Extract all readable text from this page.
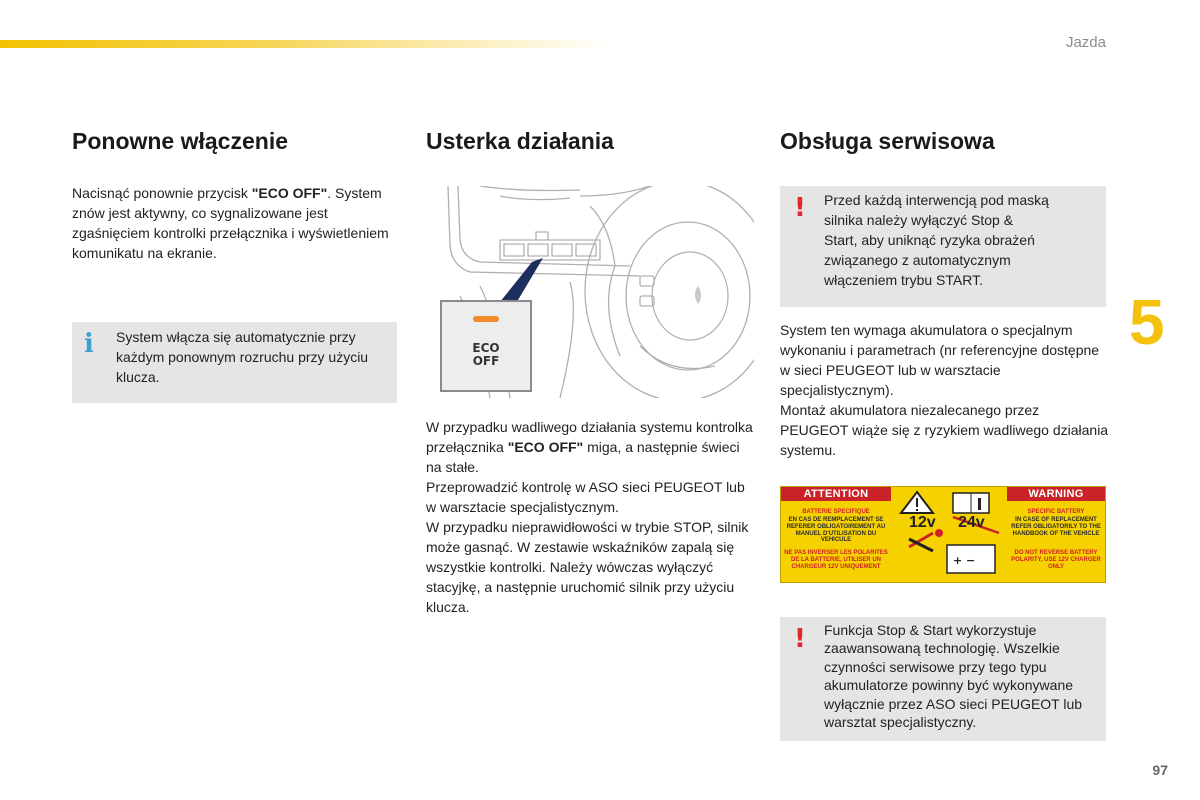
Jazda
5
Ponowne włączenie

Nacisnąć ponownie przycisk "ECO OFF". System znów jest aktywny, co sygnalizowane jest zgaśnięciem kontrolki przełącznika i wyświetleniem komunikatu na ekranie.

i System włącza się automatycznie przy każdym ponownym rozruchu przy użyciu klucza.
Usterka działania
ECO
OFF
W przypadku wadliwego działania systemu kontrolka przełącznika "ECO OFF" miga, a następnie świeci na stałe.
Przeprowadzić kontrolę w ASO sieci PEUGEOT lub w warsztacie specjalistycznym.
W przypadku nieprawidłowości w trybie STOP, silnik może gasnąć. W zestawie wskaźników zapalą się wszystkie kontrolki. Należy wówczas wyłączyć stacyjkę, a następnie uruchomić silnik przy użyciu klucza.
Obsługa serwisowa
! Przed każdą interwencją pod maską silnika należy wyłączyć Stop & Start, aby uniknąć ryzyka obrażeń związanego z automatycznym włączeniem trybu START.
System ten wymaga akumulatora o specjalnym wykonaniu i parametrach (nr referencyjne dostępne w sieci PEUGEOT lub w warsztacie specjalistycznym).
Montaż akumulatora niezalecanego przez PEUGEOT wiąże się z ryzykiem wadliwego działania systemu.
ATTENTION	WARNING
BATTERIE SPECIFIQUE
EN CAS DE REMPLACEMENT SE REFERER OBLIGATOIREMENT AU MANUEL D'UTILISATION DU VEHICULE
NE PAS INVERSER LES POLARITES DE LA BATTERIE, UTILISER UN CHARGEUR 12V UNIQUEMENT
SPECIFIC BATTERY
IN CASE OF REPLACEMENT REFER OBLIGATORILY TO THE HANDBOOK OF THE VEHICLE
DO NOT REVERSE BATTERY POLARITY, USE 12V CHARGER ONLY
+ −
12v 24v
! Funkcja Stop & Start wykorzystuje zaawansowaną technologię. Wszelkie czynności serwisowe przy tego typu akumulatorze powinny być wykonywane wyłącznie przez ASO sieci PEUGEOT lub warsztat specjalistyczny.
97
